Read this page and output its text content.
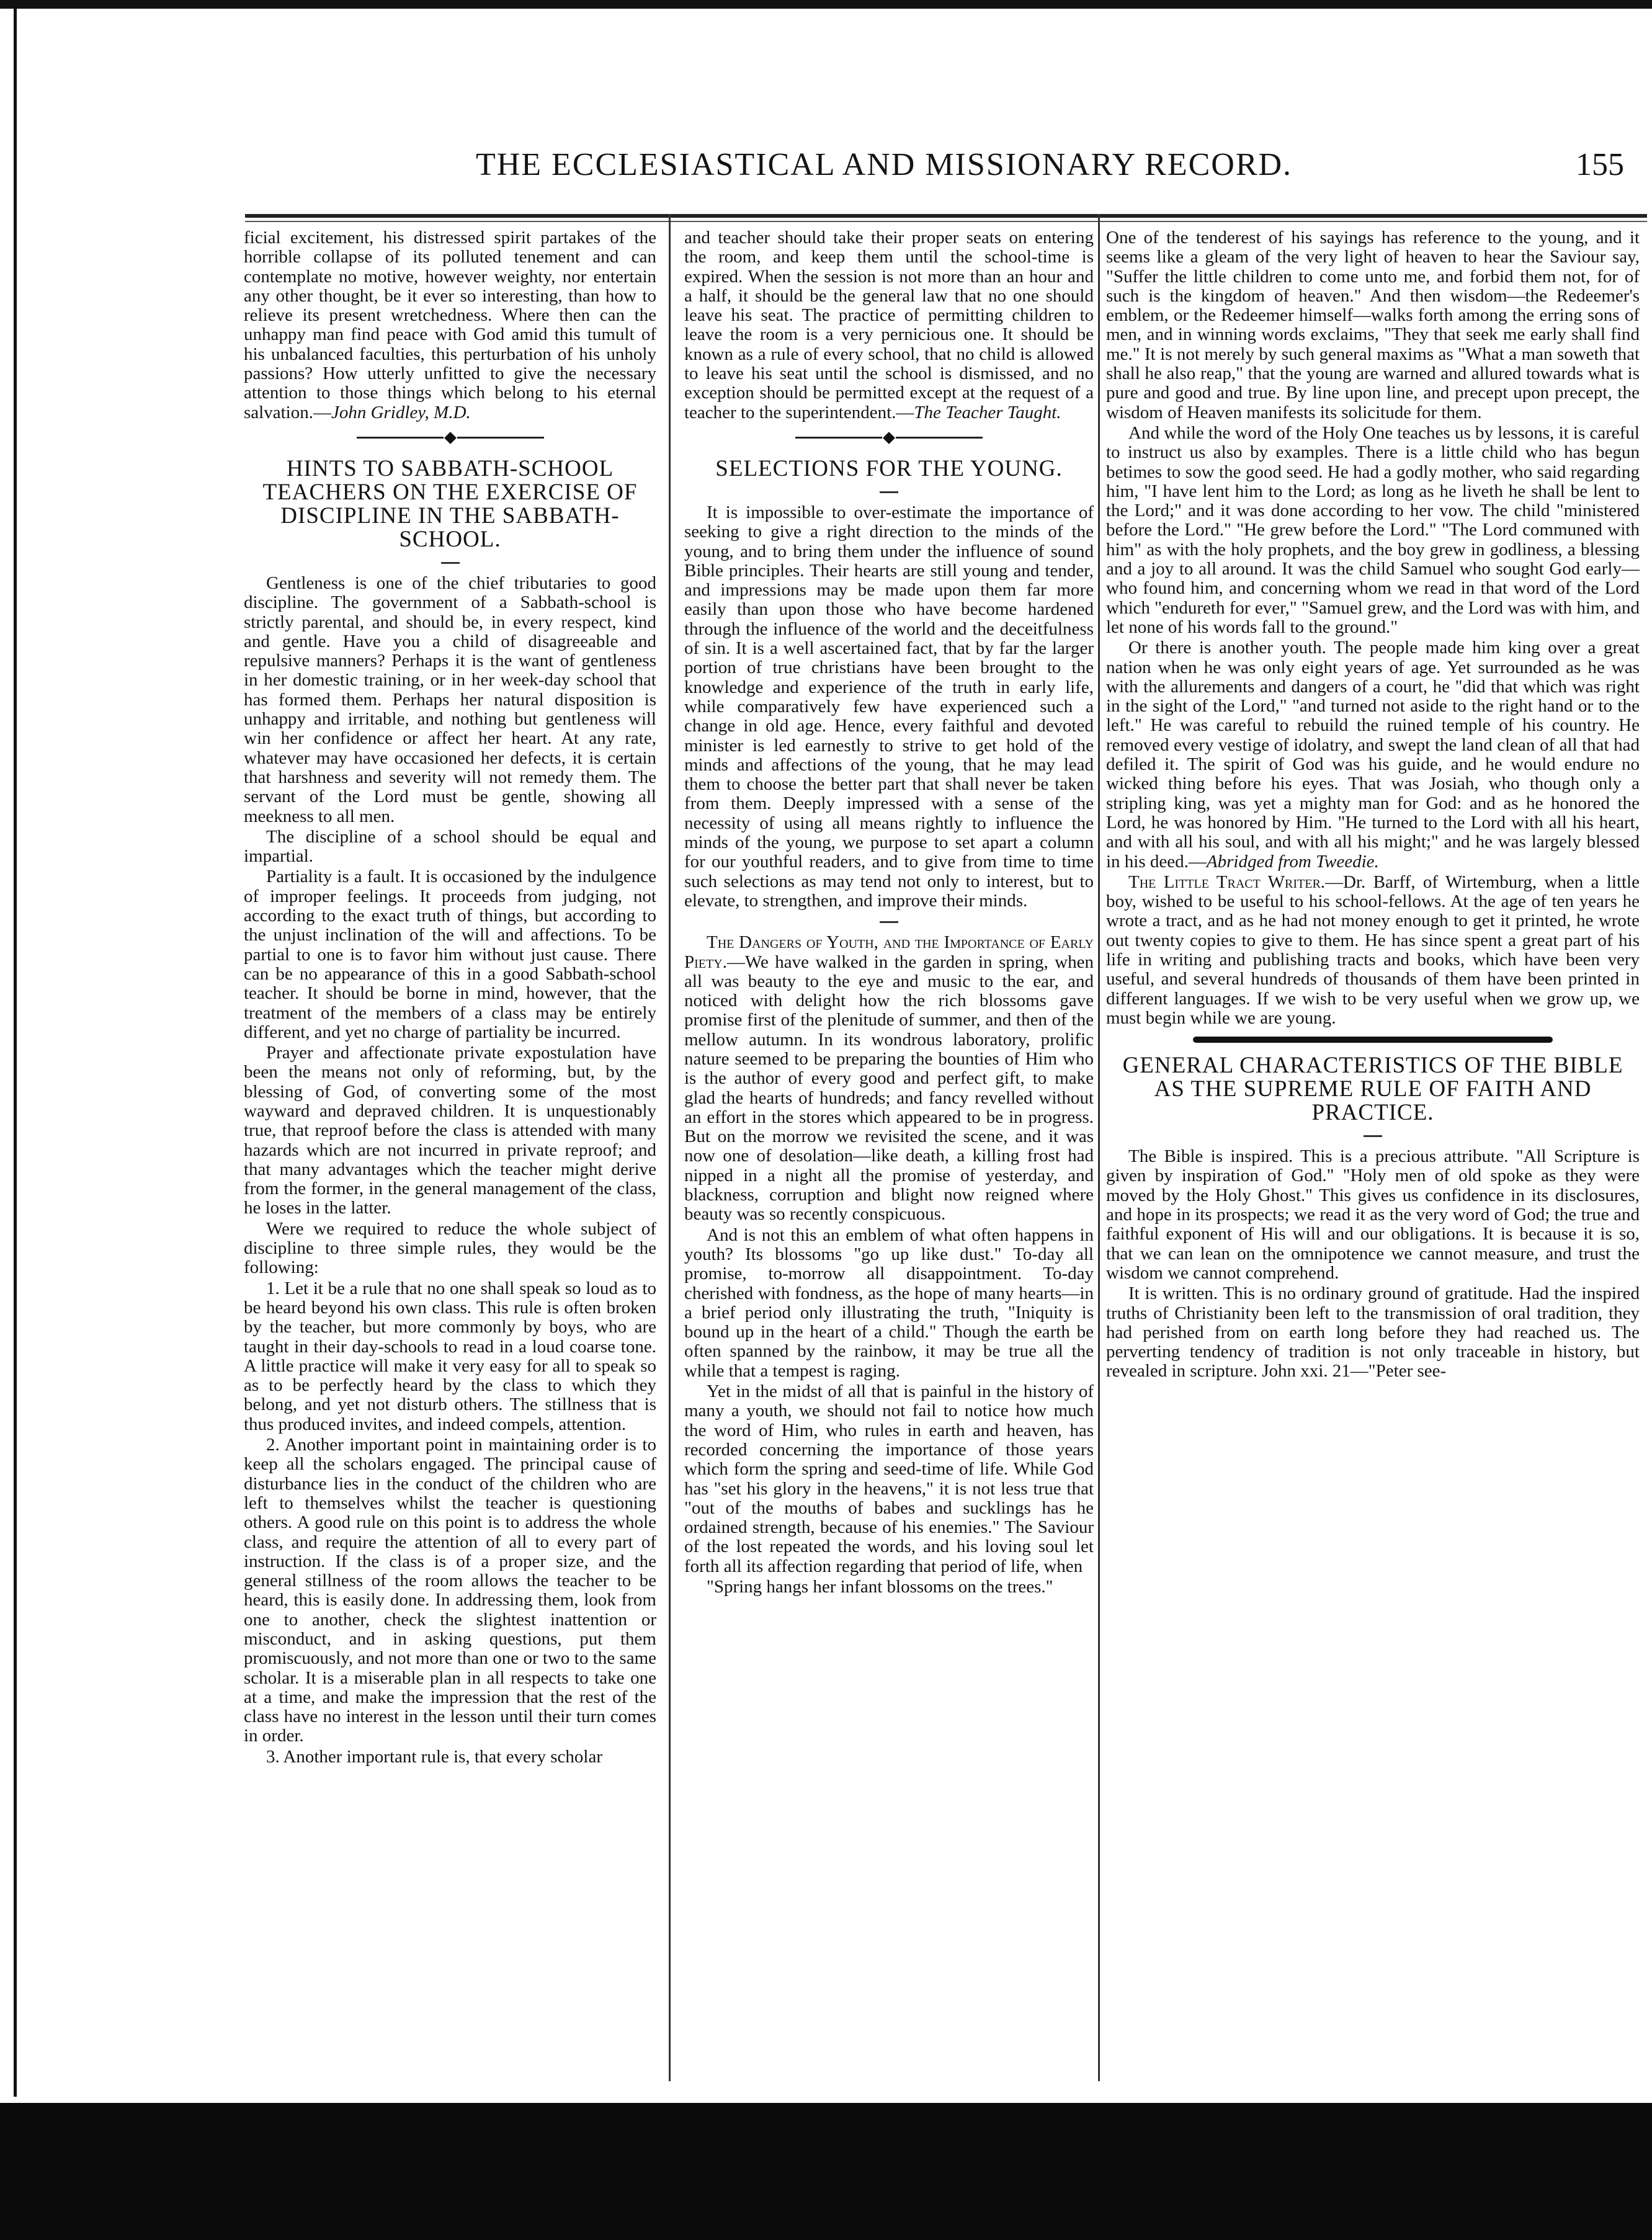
THE ECCLESIASTICAL AND MISSIONARY RECORD.	155

ficial excitement, his distressed spirit partakes of the horrible collapse of its polluted tenement and can contemplate no motive, however weighty, nor entertain any other thought, be it ever so interesting, than how to relieve its present wretchedness. Where then can the unhappy man find peace with God amid this tumult of his unbalanced faculties, this perturbation of his unholy passions? How utterly unfitted to give the necessary attention to those things which belong to his eternal salvation.—John Gridley, M.D.

HINTS TO SABBATH-SCHOOL TEACHERS ON THE EXERCISE OF DISCIPLINE IN THE SABBATH-SCHOOL.

Gentleness is one of the chief tributaries to good discipline. The government of a Sabbath-school is strictly parental, and should be, in every respect, kind and gentle. Have you a child of disagreeable and repulsive manners? Perhaps it is the want of gentleness in her domestic training, or in her week-day school that has formed them. Perhaps her natural disposition is unhappy and irritable, and nothing but gentleness will win her confidence or affect her heart. At any rate, whatever may have occasioned her defects, it is certain that harshness and severity will not remedy them. The servant of the Lord must be gentle, showing all meekness to all men.

The discipline of a school should be equal and impartial.

Partiality is a fault. It is occasioned by the indulgence of improper feelings. It proceeds from judging, not according to the exact truth of things, but according to the unjust inclination of the will and affections. To be partial to one is to favor him without just cause. There can be no appearance of this in a good Sabbath-school teacher. It should be borne in mind, however, that the treatment of the members of a class may be entirely different, and yet no charge of partiality be incurred.

Prayer and affectionate private expostulation have been the means not only of reforming, but, by the blessing of God, of converting some of the most wayward and depraved children. It is unquestionably true, that reproof before the class is attended with many hazards which are not incurred in private reproof; and that many advantages which the teacher might derive from the former, in the general management of the class, he loses in the latter.

Were we required to reduce the whole subject of discipline to three simple rules, they would be the following:

1. Let it be a rule that no one shall speak so loud as to be heard beyond his own class. This rule is often broken by the teacher, but more commonly by boys, who are taught in their day-schools to read in a loud coarse tone. A little practice will make it very easy for all to speak so as to be perfectly heard by the class to which they belong, and yet not disturb others. The stillness that is thus produced invites, and indeed compels, attention.

2. Another important point in maintaining order is to keep all the scholars engaged. The principal cause of disturbance lies in the conduct of the children who are left to themselves whilst the teacher is questioning others. A good rule on this point is to address the whole class, and require the attention of all to every part of instruction. If the class is of a proper size, and the general stillness of the room allows the teacher to be heard, this is easily done. In addressing them, look from one to another, check the slightest inattention or misconduct, and in asking questions, put them promiscuously, and not more than one or two to the same scholar. It is a miserable plan in all respects to take one at a time, and make the impression that the rest of the class have no interest in the lesson until their turn comes in order.

3. Another important rule is, that every scholar

and teacher should take their proper seats on entering the room, and keep them until the school-time is expired. When the session is not more than an hour and a half, it should be the general law that no one should leave his seat. The practice of permitting children to leave the room is a very pernicious one. It should be known as a rule of every school, that no child is allowed to leave his seat until the school is dismissed, and no exception should be permitted except at the request of a teacher to the superintendent.—The Teacher Taught.

SELECTIONS FOR THE YOUNG.

It is impossible to over-estimate the importance of seeking to give a right direction to the minds of the young, and to bring them under the influence of sound Bible principles. Their hearts are still young and tender, and impressions may be made upon them far more easily than upon those who have become hardened through the influence of the world and the deceitfulness of sin. It is a well ascertained fact, that by far the larger portion of true christians have been brought to the knowledge and experience of the truth in early life, while comparatively few have experienced such a change in old age. Hence, every faithful and devoted minister is led earnestly to strive to get hold of the minds and affections of the young, that he may lead them to choose the better part that shall never be taken from them. Deeply impressed with a sense of the necessity of using all means rightly to influence the minds of the young, we purpose to set apart a column for our youthful readers, and to give from time to time such selections as may tend not only to interest, but to elevate, to strengthen, and improve their minds.

The Dangers of Youth, and the Importance of Early Piety.—We have walked in the garden in spring, when all was beauty to the eye and music to the ear, and noticed with delight how the rich blossoms gave promise first of the plenitude of summer, and then of the mellow autumn. In its wondrous laboratory, prolific nature seemed to be preparing the bounties of Him who is the author of every good and perfect gift, to make glad the hearts of hundreds; and fancy revelled without an effort in the stores which appeared to be in progress. But on the morrow we revisited the scene, and it was now one of desolation—like death, a killing frost had nipped in a night all the promise of yesterday, and blackness, corruption and blight now reigned where beauty was so recently conspicuous.

And is not this an emblem of what often happens in youth? Its blossoms "go up like dust." To-day all promise, to-morrow all disappointment. To-day cherished with fondness, as the hope of many hearts—in a brief period only illustrating the truth, "Iniquity is bound up in the heart of a child." Though the earth be often spanned by the rainbow, it may be true all the while that a tempest is raging.

Yet in the midst of all that is painful in the history of many a youth, we should not fail to notice how much the word of Him, who rules in earth and heaven, has recorded concerning the importance of those years which form the spring and seed-time of life. While God has "set his glory in the heavens," it is not less true that "out of the mouths of babes and sucklings has he ordained strength, because of his enemies." The Saviour of the lost repeated the words, and his loving soul let forth all its affection regarding that period of life, when

"Spring hangs her infant blossoms on the trees."

One of the tenderest of his sayings has reference to the young, and it seems like a gleam of the very light of heaven to hear the Saviour say, "Suffer the little children to come unto me, and forbid them not, for of such is the kingdom of heaven." And then wisdom—the Redeemer's emblem, or the Redeemer himself—walks forth among the erring sons of men, and in winning words exclaims, "They that seek me early shall find me." It is not merely by such general maxims as "What a man soweth that shall he also reap," that the young are warned and allured towards what is pure and good and true. By line upon line, and precept upon precept, the wisdom of Heaven manifests its solicitude for them.

And while the word of the Holy One teaches us by lessons, it is careful to instruct us also by examples. There is a little child who has begun betimes to sow the good seed. He had a godly mother, who said regarding him, "I have lent him to the Lord; as long as he liveth he shall be lent to the Lord;" and it was done according to her vow. The child "ministered before the Lord." "He grew before the Lord." "The Lord communed with him" as with the holy prophets, and the boy grew in godliness, a blessing and a joy to all around. It was the child Samuel who sought God early—who found him, and concerning whom we read in that word of the Lord which "endureth for ever," "Samuel grew, and the Lord was with him, and let none of his words fall to the ground."

Or there is another youth. The people made him king over a great nation when he was only eight years of age. Yet surrounded as he was with the allurements and dangers of a court, he "did that which was right in the sight of the Lord," "and turned not aside to the right hand or to the left." He was careful to rebuild the ruined temple of his country. He removed every vestige of idolatry, and swept the land clean of all that had defiled it. The spirit of God was his guide, and he would endure no wicked thing before his eyes. That was Josiah, who though only a stripling king, was yet a mighty man for God: and as he honored the Lord, he was honored by Him. "He turned to the Lord with all his heart, and with all his soul, and with all his might;" and he was largely blessed in his deed.—Abridged from Tweedie.

The Little Tract Writer.—Dr. Barff, of Wirtemburg, when a little boy, wished to be useful to his school-fellows. At the age of ten years he wrote a tract, and as he had not money enough to get it printed, he wrote out twenty copies to give to them. He has since spent a great part of his life in writing and publishing tracts and books, which have been very useful, and several hundreds of thousands of them have been printed in different languages. If we wish to be very useful when we grow up, we must begin while we are young.

GENERAL CHARACTERISTICS OF THE BIBLE AS THE SUPREME RULE OF FAITH AND PRACTICE.

The Bible is inspired. This is a precious attribute. "All Scripture is given by inspiration of God." "Holy men of old spoke as they were moved by the Holy Ghost." This gives us confidence in its disclosures, and hope in its prospects; we read it as the very word of God; the true and faithful exponent of His will and our obligations. It is because it is so, that we can lean on the omnipotence we cannot measure, and trust the wisdom we cannot comprehend.

It is written. This is no ordinary ground of gratitude. Had the inspired truths of Christianity been left to the transmission of oral tradition, they had perished from on earth long before they had reached us. The perverting tendency of tradition is not only traceable in history, but revealed in scripture. John xxi. 21—"Peter see-
